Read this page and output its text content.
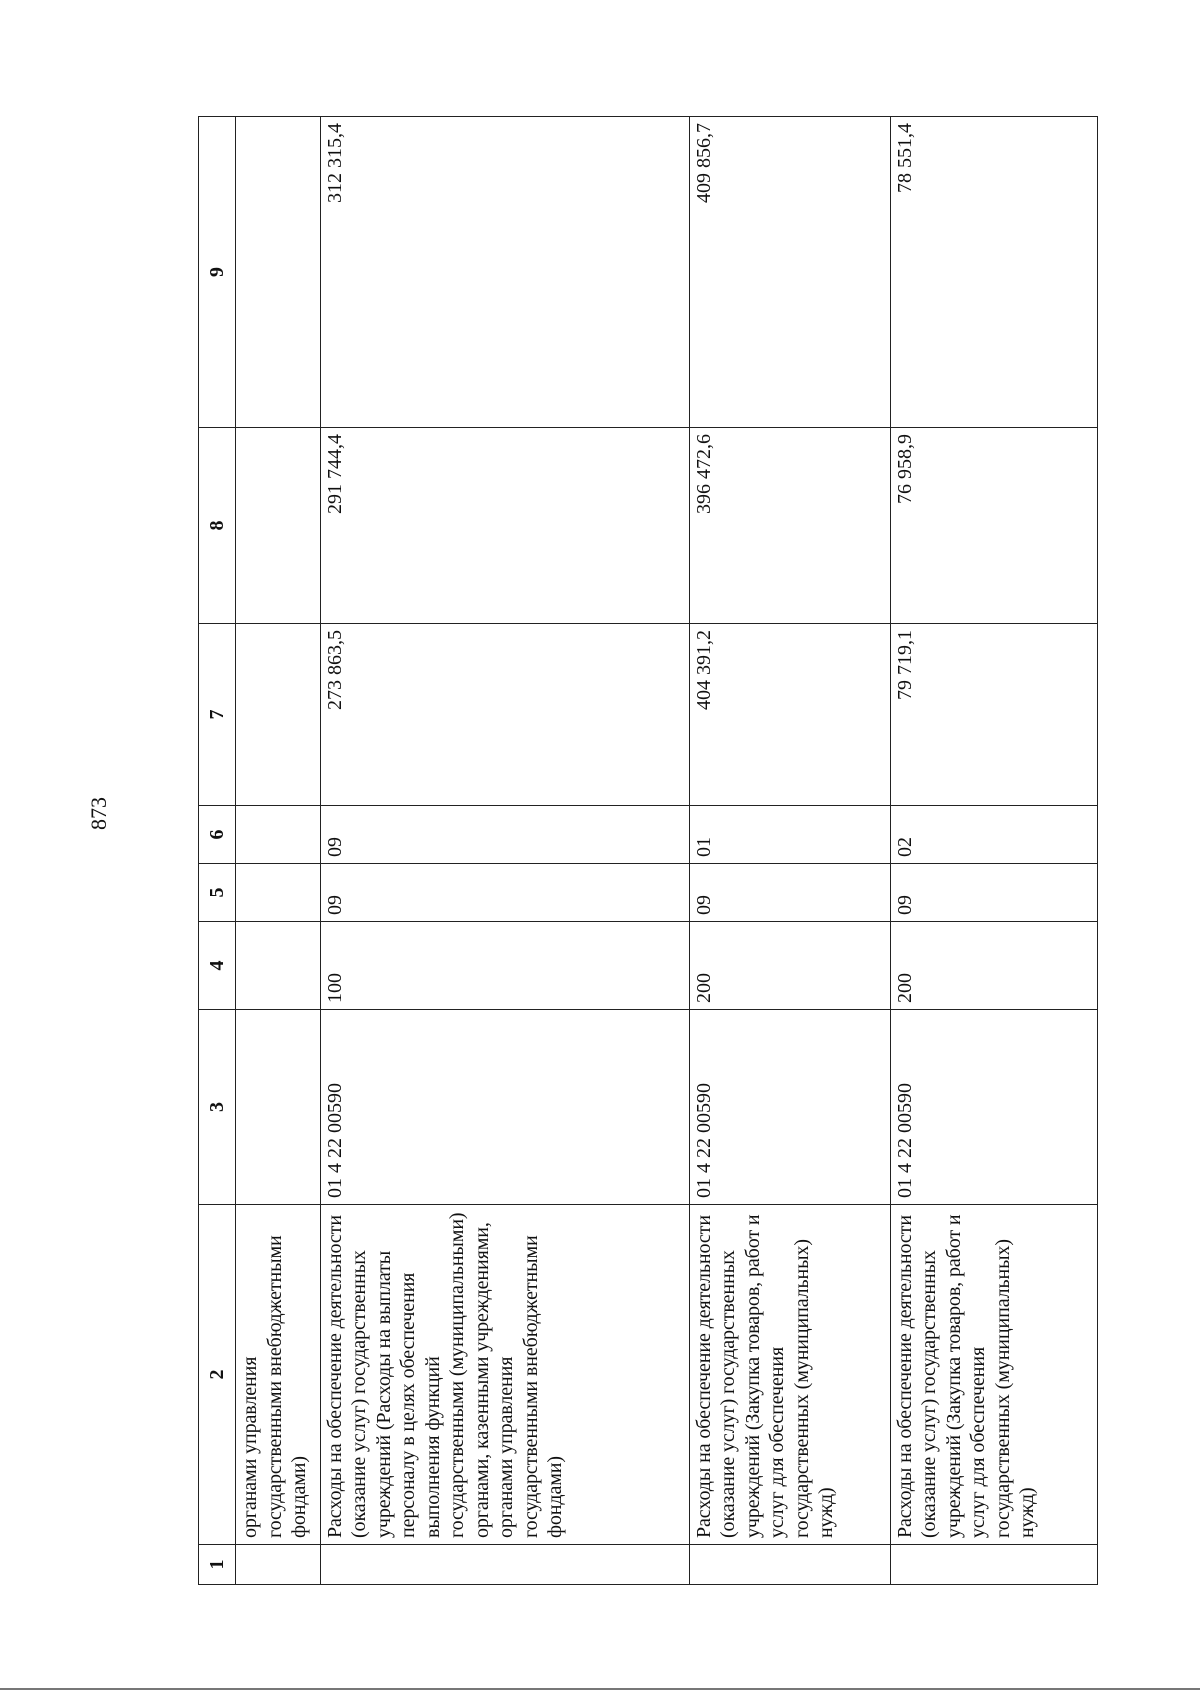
873
1	2	3	4	5	6	7	8	9
	органами управления государственными внебюджетными фондами)							
	Расходы на обеспечение деятельности (оказание услуг) государственных учреждений (Расходы на выплаты персоналу в целях обеспечения выполнения функций государственными (муниципальными) органами, казенными учреждениями, органами управления государственными внебюджетными фондами)	01 4 22 00590	100	09	09	273 863,5	291 744,4	312 315,4
	Расходы на обеспечение деятельности (оказание услуг) государственных учреждений (Закупка товаров, работ и услуг для обеспечения государственных (муниципальных) нужд)	01 4 22 00590	200	09	01	404 391,2	396 472,6	409 856,7
	Расходы на обеспечение деятельности (оказание услуг) государственных учреждений (Закупка товаров, работ и услуг для обеспечения государственных (муниципальных) нужд)	01 4 22 00590	200	09	02	79 719,1	76 958,9	78 551,4
